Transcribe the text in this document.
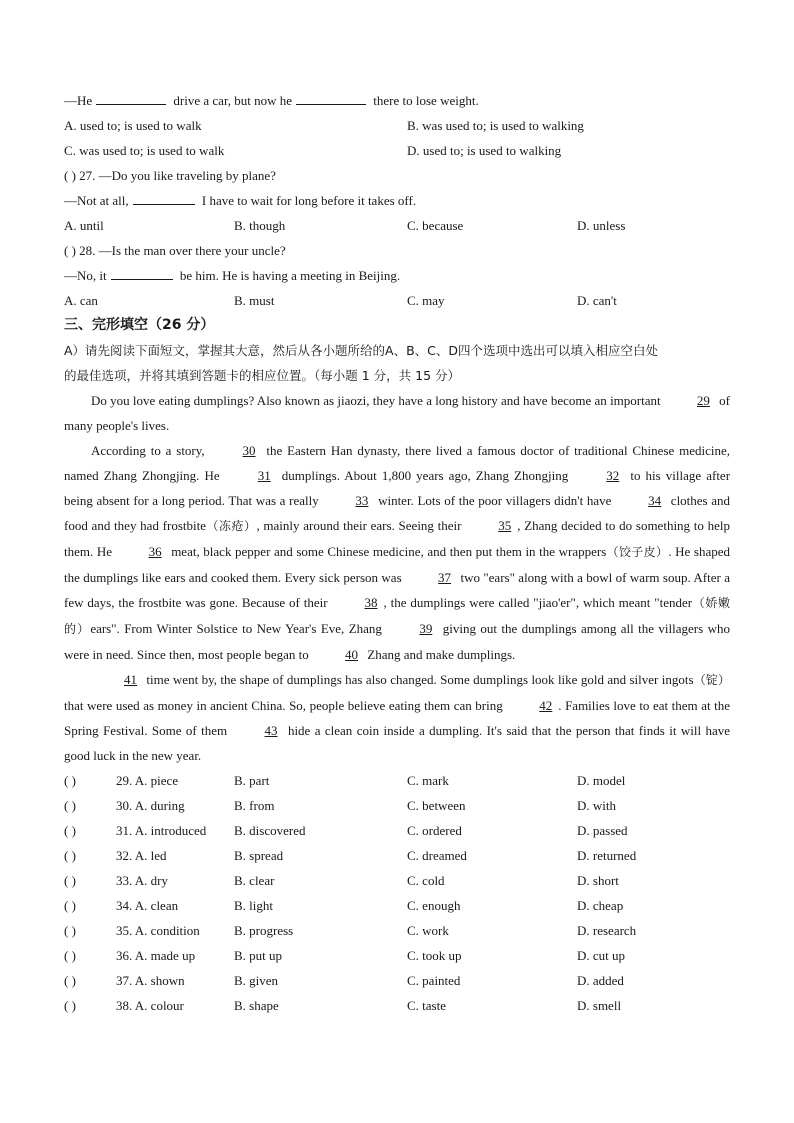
—He	drive a car, but now he	there to lose weight.
A. used to; is used to walk	B. was used to; is used to walking
C. was used to; is used to walk	D. used to; is used to walking
( ) 27. —Do you like traveling by plane?
—Not at all,	I have to wait for long before it takes off.
A. until	B. though	C. because	D. unless
( ) 28. —Is the man over there your uncle?
—No, it	be him. He is having a meeting in Beijing.
A. can	B. must	C. may	D. can't
三、完形填空（26 分）
A）请先阅读下面短文，掌握其大意，然后从各小题所给的A、B、C、D四个选项中选出可以填入相应空白处
的最佳选项，并将其填到答题卡的相应位置。（每小题 1 分，共 15 分）
Do you love eating dumplings? Also known as jiaozi, they have a long history and have become an important	29 of many people's lives.
According to a story,	30 the Eastern Han dynasty, there lived a famous doctor of traditional Chinese medicine, named Zhang Zhongjing. He	31 dumplings. About 1,800 years ago, Zhang Zhongjing	32 to his village after being absent for a long period. That was a really	33 winter. Lots of the poor villagers didn't have	34 clothes and food and they had frostbite（冻疮）, mainly around their ears. Seeing their	35 , Zhang decided to do something to help them. He	36 meat, black pepper and some Chinese medicine, and then put them in the wrappers（饺子皮）. He shaped the dumplings like ears and cooked them. Every sick person was	37 two "ears" along with a bowl of warm soup. After a few days, the frostbite was gone. Because of their	38 , the dumplings were called "jiao'er", which meant "tender（娇嫩的）ears". From Winter Solstice to New Year's Eve, Zhang	39 giving out the dumplings among all the villagers who were in need. Since then, most people began to	40 Zhang and make dumplings.
41 time went by, the shape of dumplings has also changed. Some dumplings look like gold and silver ingots（锭）that were used as money in ancient China. So, people believe eating them can bring	42 . Families love to eat them at the Spring Festival. Some of them	43 hide a clean coin inside a dumpling. It's said that the person that finds it will have good luck in the new year.
( )	29. A. piece	B. part	C. mark	D. model
( )	30. A. during	B. from	C. between	D. with
( )	31. A. introduced B. discovered	C. ordered	D. passed
( )	32. A. led	B. spread	C. dreamed	D. returned
( )	33. A. dry	B. clear	C. cold	D. short
( )	34. A. clean	B. light	C. enough	D. cheap
( )	35. A. condition	B. progress	C. work	D. research
( )	36. A. made up	B. put up	C. took up	D. cut up
( )	37. A. shown	B. given	C. painted	D. added
( )	38. A. colour	B. shape	C. taste	D. smell
